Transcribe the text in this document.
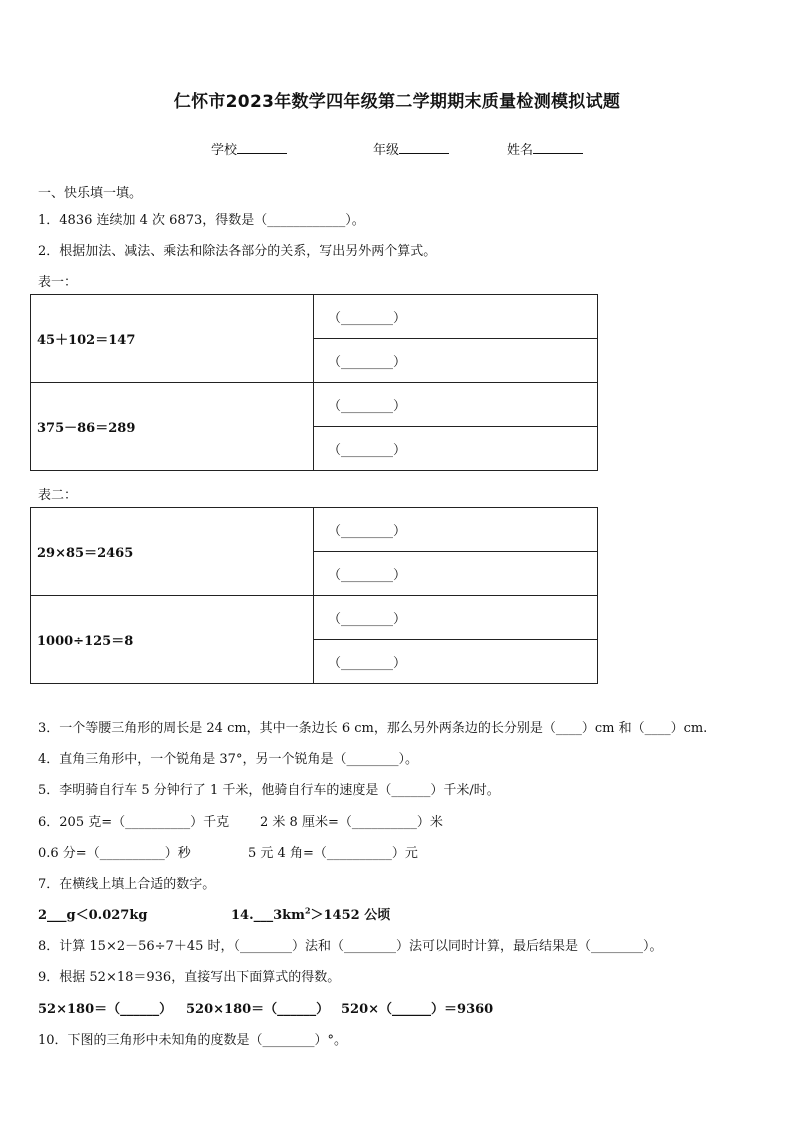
仁怀市2023年数学四年级第二学期期末质量检测模拟试题
学校	年级	姓名
一、快乐填一填。
1．4836 连续加 4 次 6873，得数是（____________）。
2．根据加法、减法、乘法和除法各部分的关系，写出另外两个算式。
表一：
45＋102＝147	（________）
	（________）
375－86＝289	（________）
	（________）
表二：
29×85＝2465	（________）
	（________）
1000÷125＝8	（________）
	（________）
3．一个等腰三角形的周长是 24 cm，其中一条边长 6 cm，那么另外两条边的长分别是（____）cm 和（____）cm.
4．直角三角形中，一个锐角是 37°，另一个锐角是（________）。
5．李明骑自行车 5 分钟行了 1 千米，他骑自行车的速度是（______）千米/时。
6．205 克=（__________）千克 2 米 8 厘米=（__________）米
0.6 分=（__________）秒	5 元 4 角=（__________）元
7．在横线上填上合适的数字。
2___g＜0.027kg	$14.\_\_\_3km^2>1452$ 公顷
8．计算 15×2－56÷7＋45 时，（________）法和（________）法可以同时计算，最后结果是（________）。
9．根据 52×18＝936，直接写出下面算式的得数。
52×180＝（______） 520×180＝（______） 520×（______）＝9360
10．下图的三角形中未知角的度数是（________）°。
